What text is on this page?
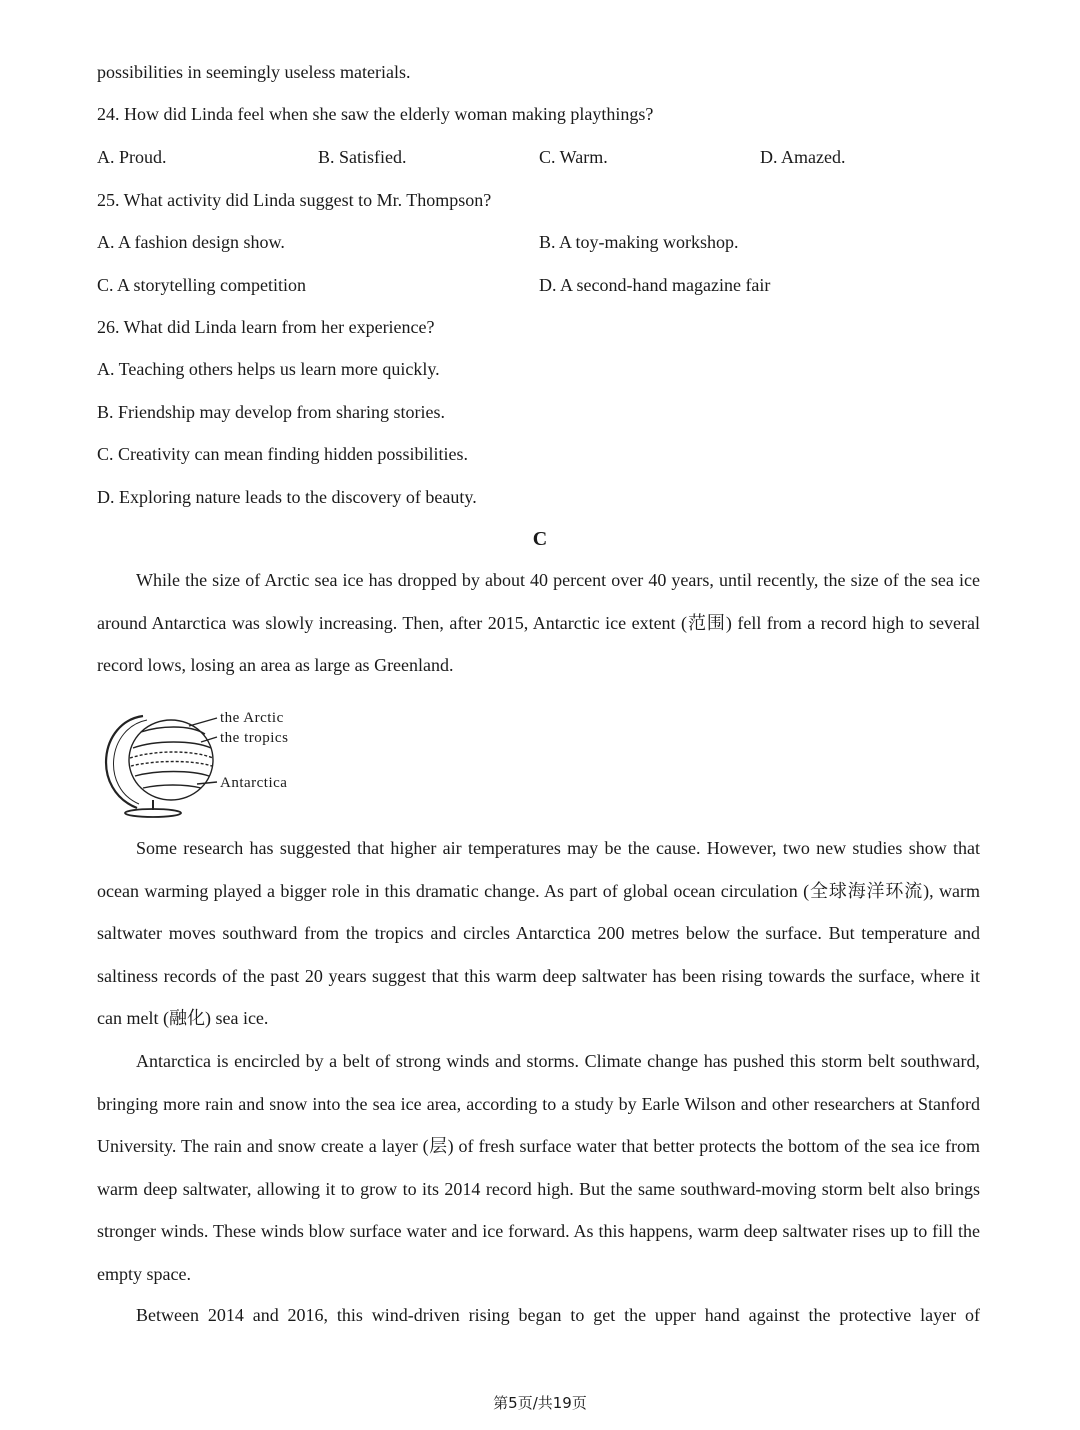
possibilities in seemingly useless materials.
24. How did Linda feel when she saw the elderly woman making playthings?
A. Proud.	B. Satisfied.	C. Warm.	D. Amazed.
25. What activity did Linda suggest to Mr. Thompson?
A. A fashion design show.	B. A toy-making workshop.
C. A storytelling competition	D. A second-hand magazine fair
26. What did Linda learn from her experience?
A. Teaching others helps us learn more quickly.
B. Friendship may develop from sharing stories.
C. Creativity can mean finding hidden possibilities.
D. Exploring nature leads to the discovery of beauty.
C

While the size of Arctic sea ice has dropped by about 40 percent over 40 years, until recently, the size of the sea ice around Antarctica was slowly increasing. Then, after 2015, Antarctic ice extent (范围) fell from a record high to several record lows, losing an area as large as Greenland.

the Arctic
the tropics
Antarctica

Some research has suggested that higher air temperatures may be the cause. However, two new studies show that ocean warming played a bigger role in this dramatic change. As part of global ocean circulation (全球海洋环流), warm saltwater moves southward from the tropics and circles Antarctica 200 metres below the surface. But temperature and saltiness records of the past 20 years suggest that this warm deep saltwater has been rising towards the surface, where it can melt (融化) sea ice.

Antarctica is encircled by a belt of strong winds and storms. Climate change has pushed this storm belt southward, bringing more rain and snow into the sea ice area, according to a study by Earle Wilson and other researchers at Stanford University. The rain and snow create a layer (层) of fresh surface water that better protects the bottom of the sea ice from warm deep saltwater, allowing it to grow to its 2014 record high. But the same southward-moving storm belt also brings stronger winds. These winds blow surface water and ice forward. As this happens, warm deep saltwater rises up to fill the empty space.

Between 2014 and 2016, this wind-driven rising began to get the upper hand against the protective layer of

第5页/共19页
